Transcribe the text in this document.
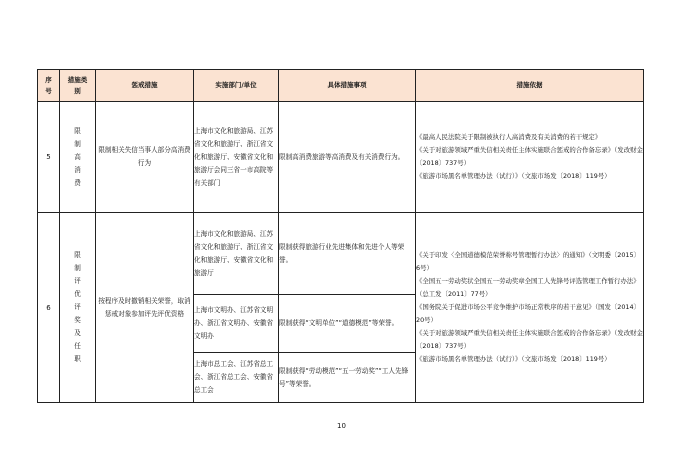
序号	措施类别	惩戒措施	实施部门/单位	具体措施事项	措施依据
5	限制高消费	限制相关失信当事人部分高消费行为	上海市文化和旅游局、江苏省文化和旅游厅、浙江省文化和旅游厅、安徽省文化和旅游厅会同三省一市高院等有关部门	限制高消费旅游等高消费及有关消费行为。	《最高人民法院关于限制被执行人高消费及有关消费的若干规定》
《关于对旅游领域严重失信相关责任主体实施联合惩戒的合作备忘录》（发改财金〔2018〕737号）
《旅游市场黑名单管理办法（试行）》（文旅市场发〔2018〕119号）

6	限制评优评奖及任职	按程序及时撤销相关荣誉，取消惩戒对象参加评先评优资格	上海市文化和旅游局、江苏省文化和旅游厅、浙江省文化和旅游厅、安徽省文化和旅游厅	限制获得旅游行业先进集体和先进个人等荣誉。	《关于印发〈全国道德模范荣誉称号管理暂行办法〉的通知》（文明委〔2015〕6号）
《全国五一劳动奖状全国五一劳动奖章全国工人先锋号评选管理工作暂行办法》（总工发〔2011〕77号）
《国务院关于促进市场公平竞争维护市场正常秩序的若干意见》（国发〔2014〕20号）
《关于对旅游领域严重失信相关责任主体实施联合惩戒的合作备忘录》（发改财金〔2018〕737号）
《旅游市场黑名单管理办法（试行）》（文旅市场发〔2018〕119号）

			上海市文明办、江苏省文明办、浙江省文明办、安徽省文明办	限制获得“文明单位”“道德模范”等荣誉。	
			上海市总工会、江苏省总工会、浙江省总工会、安徽省总工会	限制获得“劳动模范”“五一劳动奖”“工人先锋号”等荣誉。	
10
